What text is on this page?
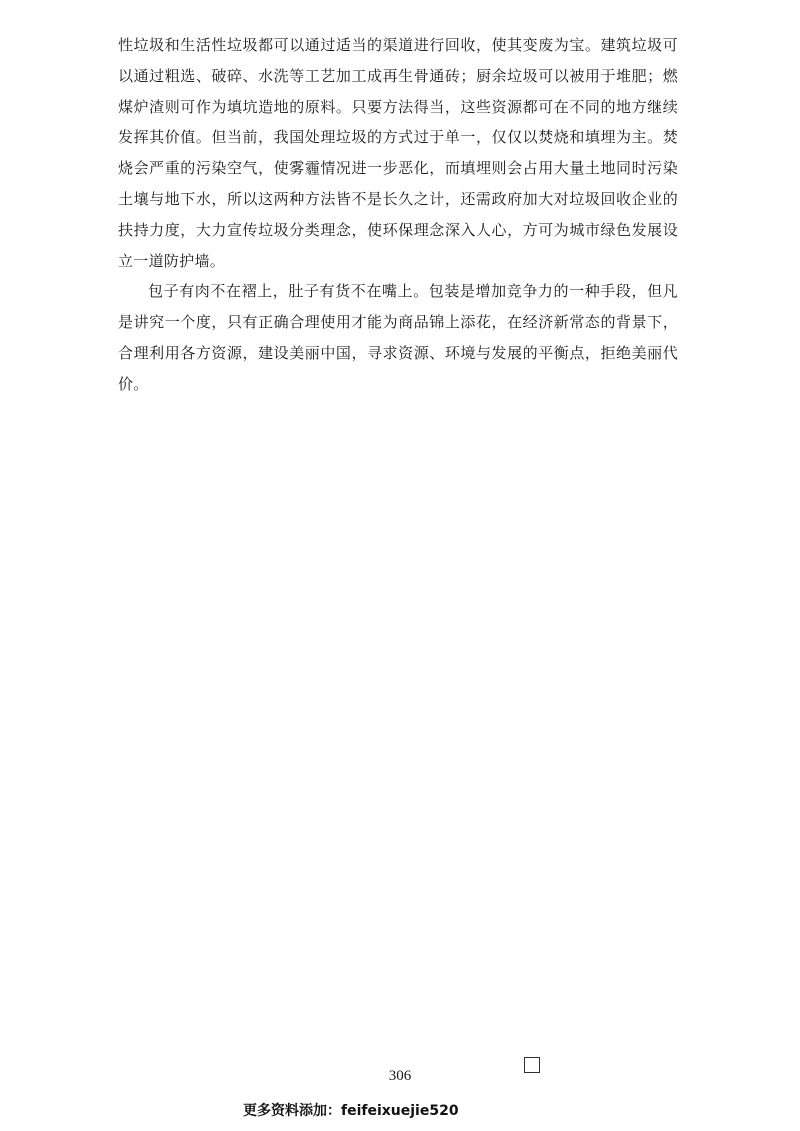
性垃圾和生活性垃圾都可以通过适当的渠道进行回收，使其变废为宝。建筑垃圾可以通过粗选、破碎、水洗等工艺加工成再生骨通砖；厨余垃圾可以被用于堆肥；燃煤炉渣则可作为填坑造地的原料。只要方法得当，这些资源都可在不同的地方继续发挥其价值。但当前，我国处理垃圾的方式过于单一，仅仅以焚烧和填埋为主。焚烧会严重的污染空气，使雾霾情况进一步恶化，而填埋则会占用大量土地同时污染土壤与地下水，所以这两种方法皆不是长久之计，还需政府加大对垃圾回收企业的扶持力度，大力宣传垃圾分类理念，使环保理念深入人心，方可为城市绿色发展设立一道防护墙。

包子有肉不在褶上，肚子有货不在嘴上。包装是增加竞争力的一种手段，但凡是讲究一个度，只有正确合理使用才能为商品锦上添花，在经济新常态的背景下，合理利用各方资源，建设美丽中国，寻求资源、环境与发展的平衡点，拒绝美丽代价。

306
更多资料添加：feifeixuejie520
